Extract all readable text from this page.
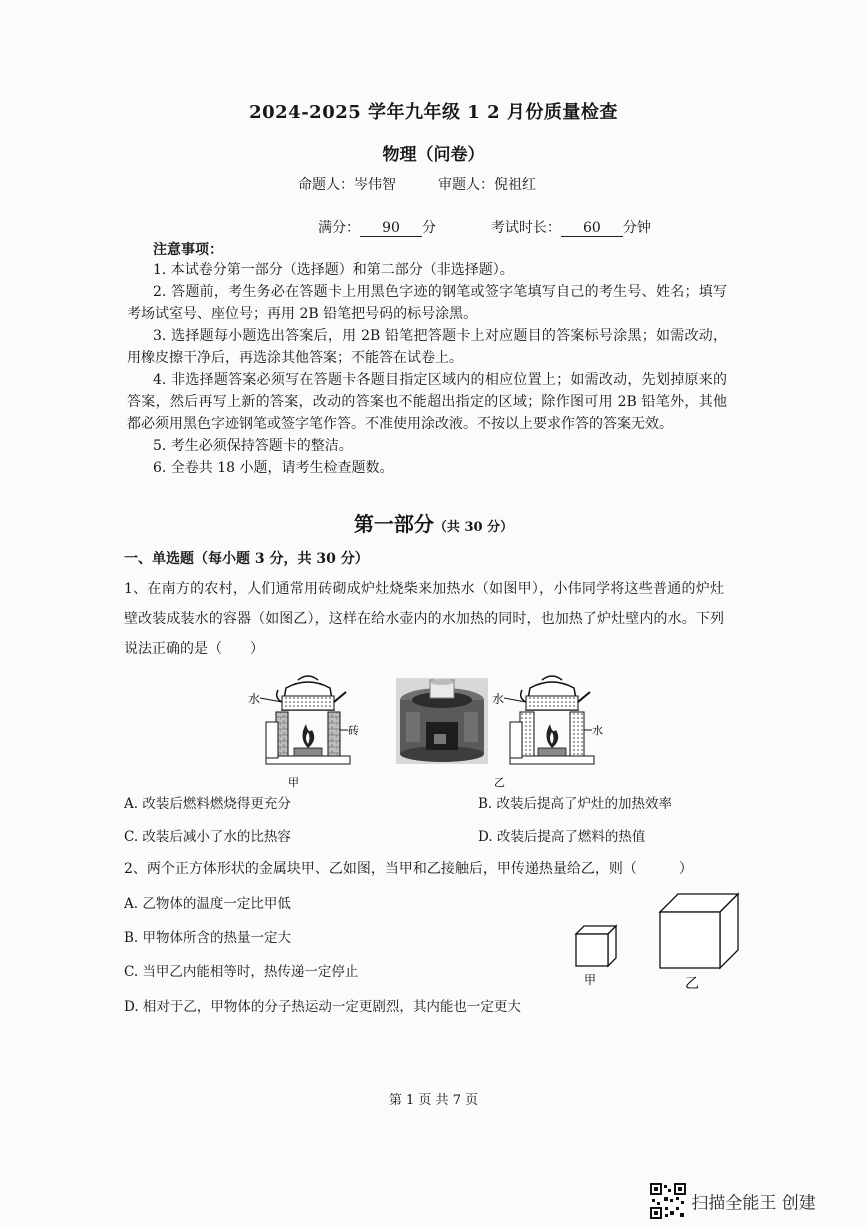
2024-2025 学年九年级 1 2 月份质量检查
物理（问卷）
命题人：岑伟智	审题人：倪祖红
满分： 90 分	考试时长： 60 分钟
注意事项：

1. 本试卷分第一部分（选择题）和第二部分（非选择题）。

2. 答题前，考生务必在答题卡上用黑色字迹的钢笔或签字笔填写自己的考生号、姓名；填写考场试室号、座位号；再用 2B 铅笔把号码的标号涂黑。

3. 选择题每小题选出答案后，用 2B 铅笔把答题卡上对应题目的答案标号涂黑；如需改动，用橡皮擦干净后，再选涂其他答案；不能答在试卷上。

4. 非选择题答案必须写在答题卡各题目指定区域内的相应位置上；如需改动，先划掉原来的答案，然后再写上新的答案，改动的答案也不能超出指定的区域；除作图可用 2B 铅笔外，其他都必须用黑色字迹钢笔或签字笔作答。不准使用涂改液。不按以上要求作答的答案无效。

5. 考生必须保持答题卡的整洁。

6. 全卷共 18 小题，请考生检查题数。

第一部分（共 30 分）
一、单选题（每小题 3 分，共 30 分）
1、在南方的农村，人们通常用砖砌成炉灶烧柴来加热水（如图甲），小伟同学将这些普通的炉灶壁改装成装水的容器（如图乙），这样在给水壶内的水加热的同时，也加热了炉灶壁内的水。下列说法正确的是（　　）
水
砖
甲
水
水
乙
A. 改装后燃料燃烧得更充分	B. 改装后提高了炉灶的加热效率
C. 改装后减小了水的比热容	D. 改装后提高了燃料的热值
2、两个正方体形状的金属块甲、乙如图，当甲和乙接触后，甲传递热量给乙，则（　　　）
A. 乙物体的温度一定比甲低
B. 甲物体所含的热量一定大
C. 当甲乙内能相等时，热传递一定停止
D. 相对于乙，甲物体的分子热运动一定更剧烈，其内能也一定更大
甲	乙
第 1 页 共 7 页
扫描全能王 创建
